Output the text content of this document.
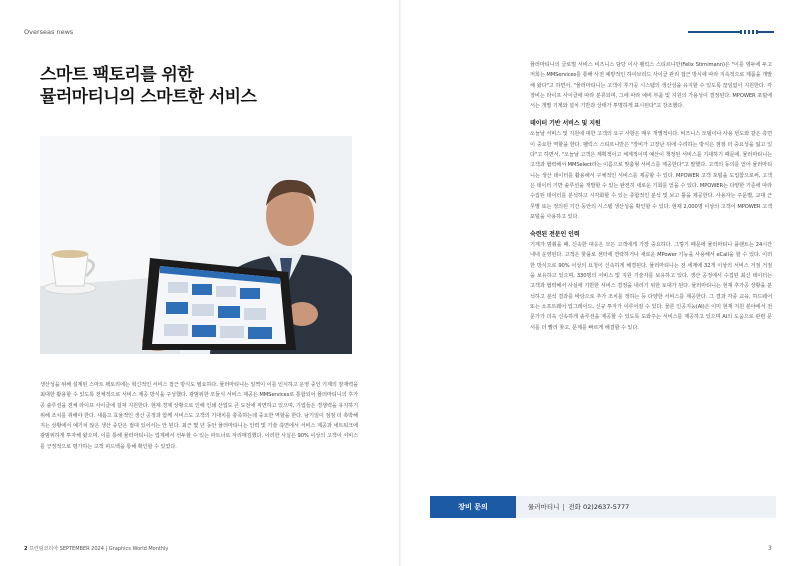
Overseas news
스마트 팩토리를 위한
뮬러마티니의 스마트한 서비스

생산성을 위해 설계된 스마트 팩토리에는 혁신적인 서비스 접근 방식도 필요하다. 뮬러마티니는 일찍이 이를 인식하고 운영 중인 기계의 잠재력을 최대한 활용할 수 있도록 전체적으로 서비스 제공 방식을 구성했다. 광범위한 모듈식 서비스 제공은 MMServices로 통합되어 뮬러마티니의 후가공 솔루션을 전체 라이프 사이클에 걸쳐 지원한다. 현재 경제 상황으로 인해 인쇄 산업도 큰 도전에 직면하고 있으며, 기업들은 경쟁력을 유지하기 위해 조치를 취해야 한다. 새롭고 효율적인 생산 공정과 함께 서비스도 고객의 기대치를 충족하는데 중요한 역할을 한다. 남기일이 점점 더 촉박해지는 상황에서 예기치 않은 생산 중단은 절대 있어서는 안 된다. 최근 몇 년 동안 뮬러마티니는 인력 및 기술 측면에서 서비스 제공과 네트워크에 광범위하게 투자해 왔으며, 이를 통해 뮬러마티니는 업계에서 선두할 수 있는 파트너로 자리매김했다. 이러한 사실은 90% 이상의 고객이 서비스를 긍정적으로 평가하는 고객 피드백을 통해 확인할 수 있었다.

뮬러마티니의 글로벌 서비스 비즈니스 담당 이사 펠릭스 스티르니만(Felix Stirnimann)은 "이를 염두에 두고 저희는 MMServices를 통해 사전 예방적인 하이브리드 사이클 관리 접근 방식에 따라 지속적으로 제품을 개발해 왔다"고 하면서, "뮬러마티니는 고객이 후가공 시스템의 생산성을 유지할 수 있도록 끊임없이 지원한다. 각 장비는 라이프 사이클에 따라 분류되며, 그에 따라 예비 부품 및 지원의 가용성이 결정된다. MPOWER 포털에서는 개별 기계와 설치 기반과 상태가 투명하게 표시된다"고 강조했다.

데이터 기반 서비스 및 지원

오늘날 서비스 및 지원에 대한 고객의 요구 사항은 매우 개별적이다. 비즈니스 모델이나 사용 빈도와 같은 측면이 중요한 역할을 한다. 펠릭스 스티르니만은 "장비가 고장난 뒤에 수리하는 방식은 점점 더 중요성을 잃고 있다"고 하면서, "오늘날 고객은 계획적이고 체계적이며 예산이 책정된 서비스를 기대하기 때문에, 뮬러마티니는 고객과 협력해서 MMSelect라는 이름으로 맞춤형 서비스를 제공한다"고 말했다. 고객의 동의를 얻어 뮬러마티니는 생산 데이터를 활용해서 구체적인 서비스를 제공할 수 있다. MPOWER 고객 포털을 도입함으로써, 고객은 데이터 기반 솔루션을 개발할 수 있는 완전히 새로운 기회를 얻을 수 있다. MPOWER는 다양한 기준에 따라 수집된 데이터를 분석하고 시각화할 수 있는 종합적인 분석 및 보고 툴을 제공한다. 사용자는 주문별, 교대 근무별 또는 정의된 기간 동안의 시스템 생산성을 확인할 수 있다. 현재 2,000명 이상의 고객이 MPOWER 고객 포털을 사용하고 있다.

숙련된 전문인 인력

기계가 멈췄을 때, 신속한 대응은 모든 고객에게 가장 중요하다. 그렇기 때문에 뮬러마티니 플랜트는 24시간 내내 운영된다. 고객은 핫플로 센터에 연락하거나 새로운 MPower 기능을 사용해서 eCall을 할 수 있다. 이러한 방식으로 90% 이상의 요청이 신속하게 해결된다. 뮬러마티니는 전 세계에 32개 이상의 서비스 거점 거점을 보유하고 있으며, 330명의 서비스 및 지원 기술자를 보유하고 있다. 생산 공정에서 수집된 최신 데이터는 고객과 협력해서 사실에 기반한 서비스 결정을 내리기 위한 토대가 된다. 뮬러마티니는 현재 후가공 상황을 분석하고 분석 결과를 바탕으로 추가 조치를 정하는 등 다양한 서비스를 제공한다. 그 결과 각종 교육, 하드웨어 또는 소프트웨어 업그레이드, 신규 투자가 이루어질 수 있다. 물론 인공지능(AI)은 이미 현재 지원 분야에서 전문가가 더욱 신속하게 솔루션을 제공할 수 있도록 도와주는 서비스를 제공하고 있으며 AI의 도움으로 관련 문서를 더 빨리 찾고, 문제를 빠르게 해결할 수 있다.

장비 문의	뮬러마티니 전화 02)2637-5777
2 프린팅코리아 SEPTEMBER 2024 | Graphics World Monthly	3
